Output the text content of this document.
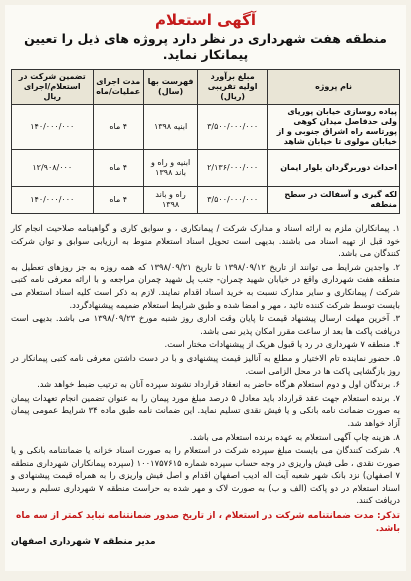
آگهی استعلام
منطقه هفت شهرداری در نظر دارد پروژه های ذیل را تعیین پیمانکار نماید.
نام پروژه	مبلغ برآورد اولیه تقریبی (ریال)	فهرست بها (سال)	مدت اجرای عملیات/ماه	تضمین شرکت در استعلام/اجرای ریال
پیاده روسازی خیابان پوریای ولی حدفاصل میدان کوهی پورتاسه راه اشراق جنوبی و از خیابان مولوی تا خیابان شاهد	۳/۵۰۰/۰۰۰/۰۰۰	ابنیه ۱۳۹۸	۴ ماه	۱۴۰/۰۰۰/۰۰۰
احداث دوربرگردان بلوار ایمان	۲/۱۳۶/۰۰۰/۰۰۰	ابنیه و راه و باند ۱۳۹۸	۴ ماه	۱۲/۹۰۸/۰۰۰
لکه گیری و آسفالت در سطح منطقه	۳/۵۰۰/۰۰۰/۰۰۰	راه و باند ۱۳۹۸	۴ ماه	۱۴۰/۰۰۰/۰۰۰

۱. پیمانکاران ملزم به ارائه اسناد و مدارک شرکت / پیمانکاری ، و سوابق کاری و گواهینامه صلاحیت انجام کار خود قبل از تهیه اسناد می باشند. بدیهی است تحویل اسناد استعلام منوط به ارزیابی سوابق و توان شرکت کنندگان می باشد.

۲. واجدین شرایط می توانند از تاریخ ۱۳۹۸/۰۹/۱۲ تا تاریخ ۱۳۹۸/۰۹/۲۱ که همه روزه به جز روزهای تعطیل به منطقه هفت شهرداری واقع در خیابان شهید چمران- جنب پل شهید چمران مراجعه و با ارائه معرفی نامه کتبی شرکت / پیمانکاری و سایر مدارک نسبت به خرید اسناد اقدام نمایند. لازم به ذکر است کلیه اسناد استعلام می بایست توسط شرکت کننده تائید ، مهر و امضا شده و طبق شرایط استعلام ضمیمه پیشنهادگردد.

۳. آخرین مهلت ارسال پیشنهاد قیمت تا پایان وقت اداری روز شنبه مورخ ۱۳۹۸/۰۹/۲۳ می باشد. بدیهی است دریافت پاکت ها بعد از ساعت مقرر امکان پذیر نمی باشد.

۴. منطقه ۷ شهرداری در رد یا قبول هریک از پیشنهادات مختار است.

۵. حضور نماینده تام الاختیار و مطلع به آنالیز قیمت پیشنهادی و با در دست داشتن معرفی نامه کتبی پیمانکار در روز بازگشایی پاکت ها در محل الزامی است.

۶. برندگان اول و دوم استعلام هرگاه حاضر به انعقاد قرارداد نشوند سپرده آنان به ترتیب ضبط خواهد شد.

۷. برنده استعلام جهت عقد قرارداد باید معادل ۵ درصد مبلغ مورد پیمان را به عنوان تضمین انجام تعهدات پیمان به صورت ضمانت نامه بانکی و یا فیش نقدی تسلیم نماید. این ضمانت نامه طبق ماده ۳۴ شرایط عمومی پیمان آزاد خواهد شد.

۸. هزینه چاپ آگهی استعلام به عهده برنده استعلام می باشد.

۹. شرکت کنندگان می بایست مبلغ سپرده شرکت در استعلام را به صورت اسناد خزانه یا ضمانتنامه بانکی و یا صورت نقدی ، طی فیش واریزی در وجه حساب سپرده شماره ۱۰۰۱۷۵۷۶۱۵ (سپرده پیمانکاران شهرداری منطقه ۷ اصفهان) نزد بانک شهر شعبه آیت اله ادیب اصفهان اقدام و اصل فیش واریزی را به همراه قیمت پیشنهادی و اسناد استعلام در دو پاکت (الف و ب) به صورت لاک و مهر شده به حراست منطقه ۷ شهرداری تسلیم و رسید دریافت کنند.

تذکر: مدت ضمانتنامه شرکت در استعلام ، از تاریخ صدور ضمانتنامه نباید کمتر از سه ماه باشد.
مدیر منطقه ۷ شهرداری اصفهان
